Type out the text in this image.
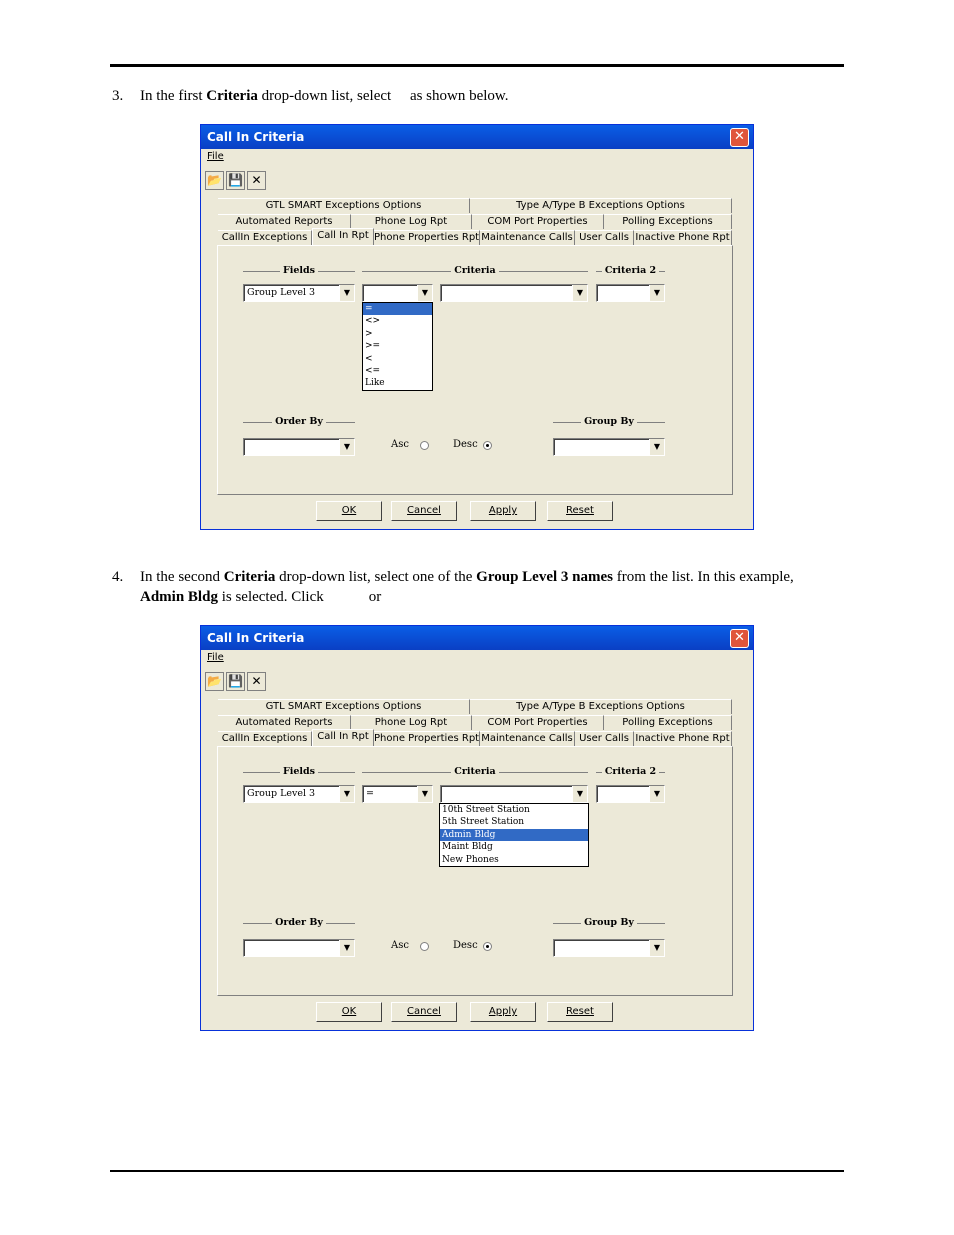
3. In the first Criteria drop-down list, select     as shown below.
Call In Criteria	✕
File
📂 💾 ✕
GTL SMART Exceptions Options	Type A/Type B Exceptions Options
Automated Reports	Phone Log Rpt	COM Port Properties	Polling Exceptions
CallIn Exceptions Call In Rpt Phone Properties Rpt Maintenance Calls User Calls Inactive Phone Rpt
Fields	Criteria	Criteria 2
Group Level 3	▼	▼	▼	▼
Order By	Group By
▼	▼
Asc	Desc
OK	Cancel	Apply	Reset
=
<>
>
>=
<
<=
Like
4. In the second Criteria drop-down list, select one of the Group Level 3 names from the list. In this example, Admin Bldg is selected. Click	or
Call In Criteria	✕
File
📂 💾 ✕
GTL SMART Exceptions Options	Type A/Type B Exceptions Options
Automated Reports	Phone Log Rpt	COM Port Properties	Polling Exceptions
CallIn Exceptions Call In Rpt Phone Properties Rpt Maintenance Calls User Calls Inactive Phone Rpt
Fields	Criteria	Criteria 2
Group Level 3	▼	=	▼	▼	▼
Order By	Group By
▼	▼
Asc	Desc
OK	Cancel	Apply	Reset
10th Street Station
5th Street Station
Admin Bldg
Maint Bldg
New Phones
